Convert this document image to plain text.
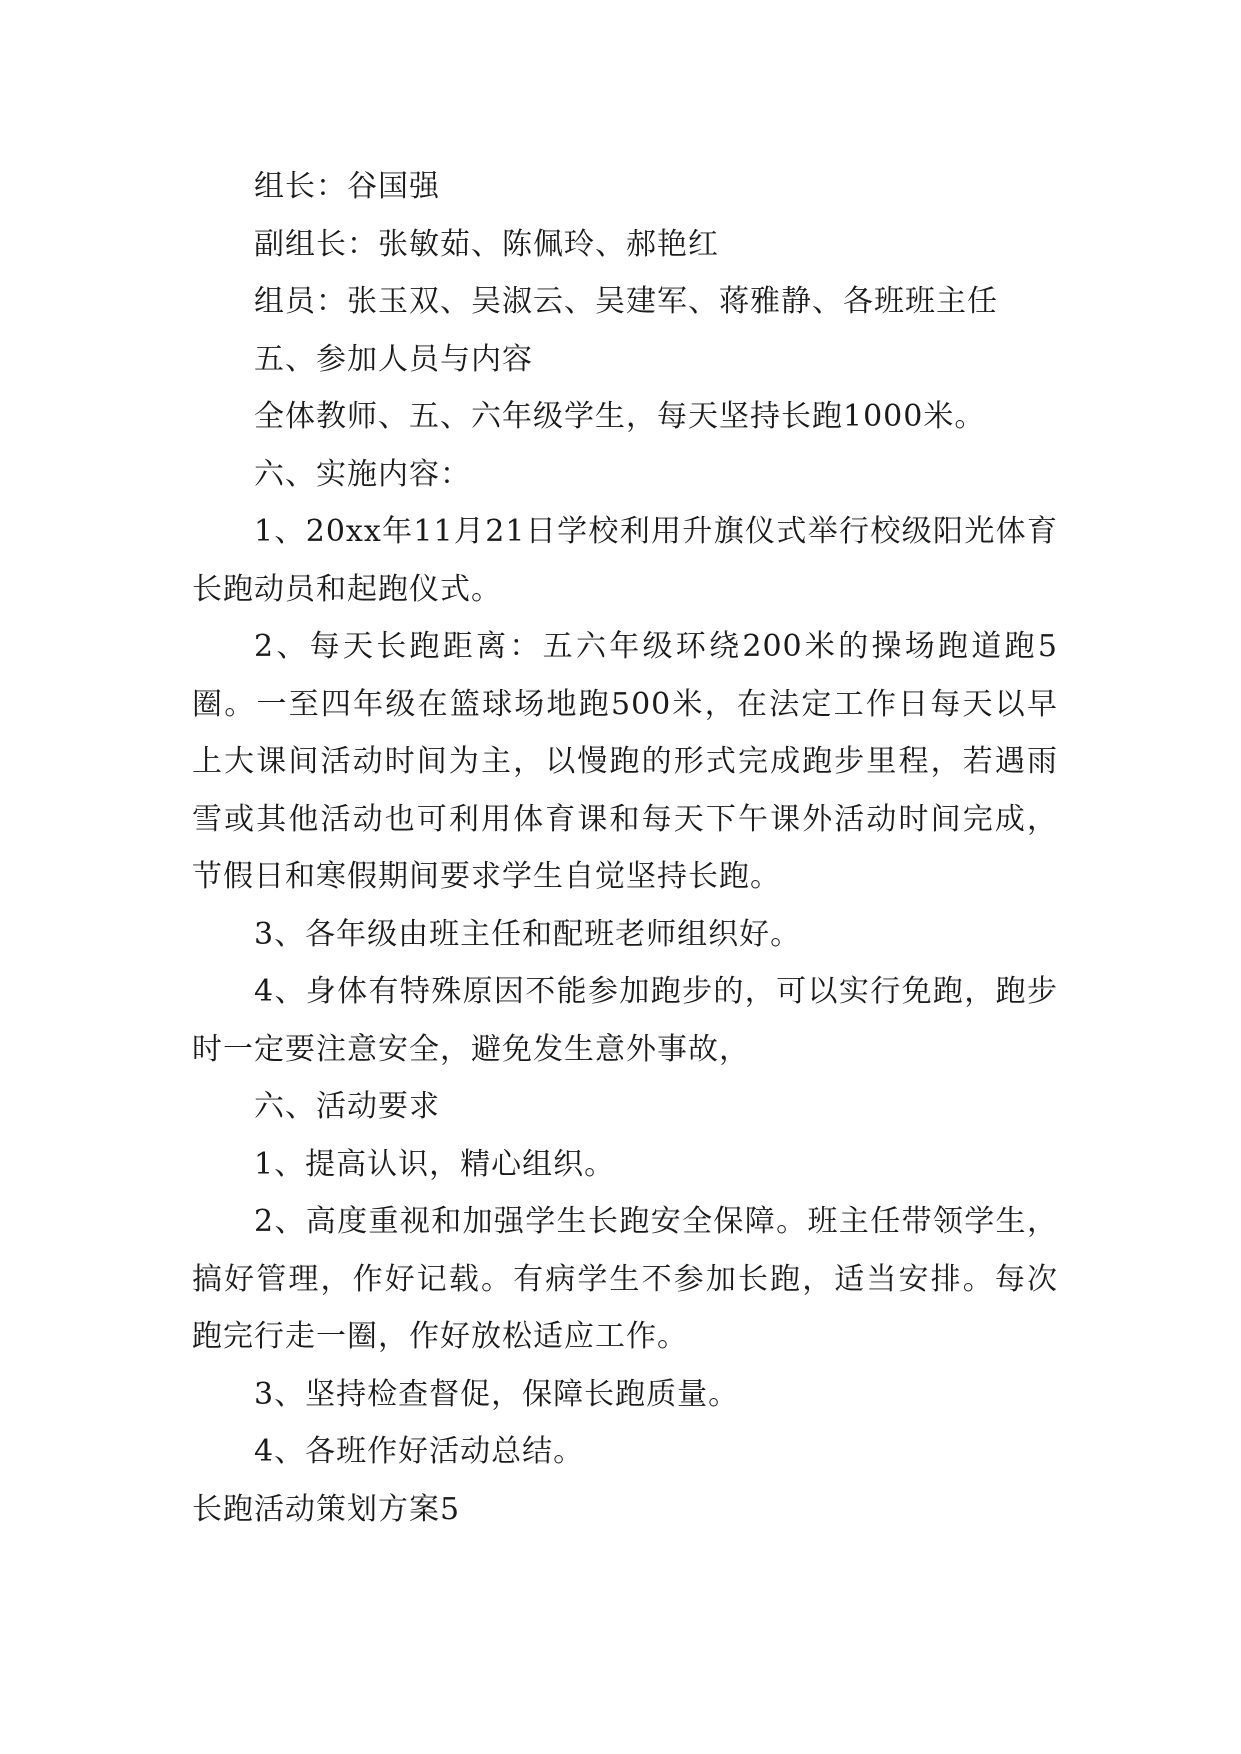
组长：谷国强

副组长：张敏茹、陈佩玲、郝艳红

组员：张玉双、吴淑云、吴建军、蒋雅静、各班班主任

五、参加人员与内容

全体教师、五、六年级学生，每天坚持长跑1000米。

六、实施内容：

1、20xx年11月21日学校利用升旗仪式举行校级阳光体育长跑动员和起跑仪式。

2、每天长跑距离：五六年级环绕200米的操场跑道跑5圈。一至四年级在篮球场地跑500米，在法定工作日每天以早上大课间活动时间为主，以慢跑的形式完成跑步里程，若遇雨雪或其他活动也可利用体育课和每天下午课外活动时间完成，节假日和寒假期间要求学生自觉坚持长跑。

3、各年级由班主任和配班老师组织好。

4、身体有特殊原因不能参加跑步的，可以实行免跑，跑步时一定要注意安全，避免发生意外事故，

六、活动要求

1、提高认识，精心组织。

2、高度重视和加强学生长跑安全保障。班主任带领学生，搞好管理，作好记载。有病学生不参加长跑，适当安排。每次跑完行走一圈，作好放松适应工作。

3、坚持检查督促，保障长跑质量。

4、各班作好活动总结。

长跑活动策划方案5
